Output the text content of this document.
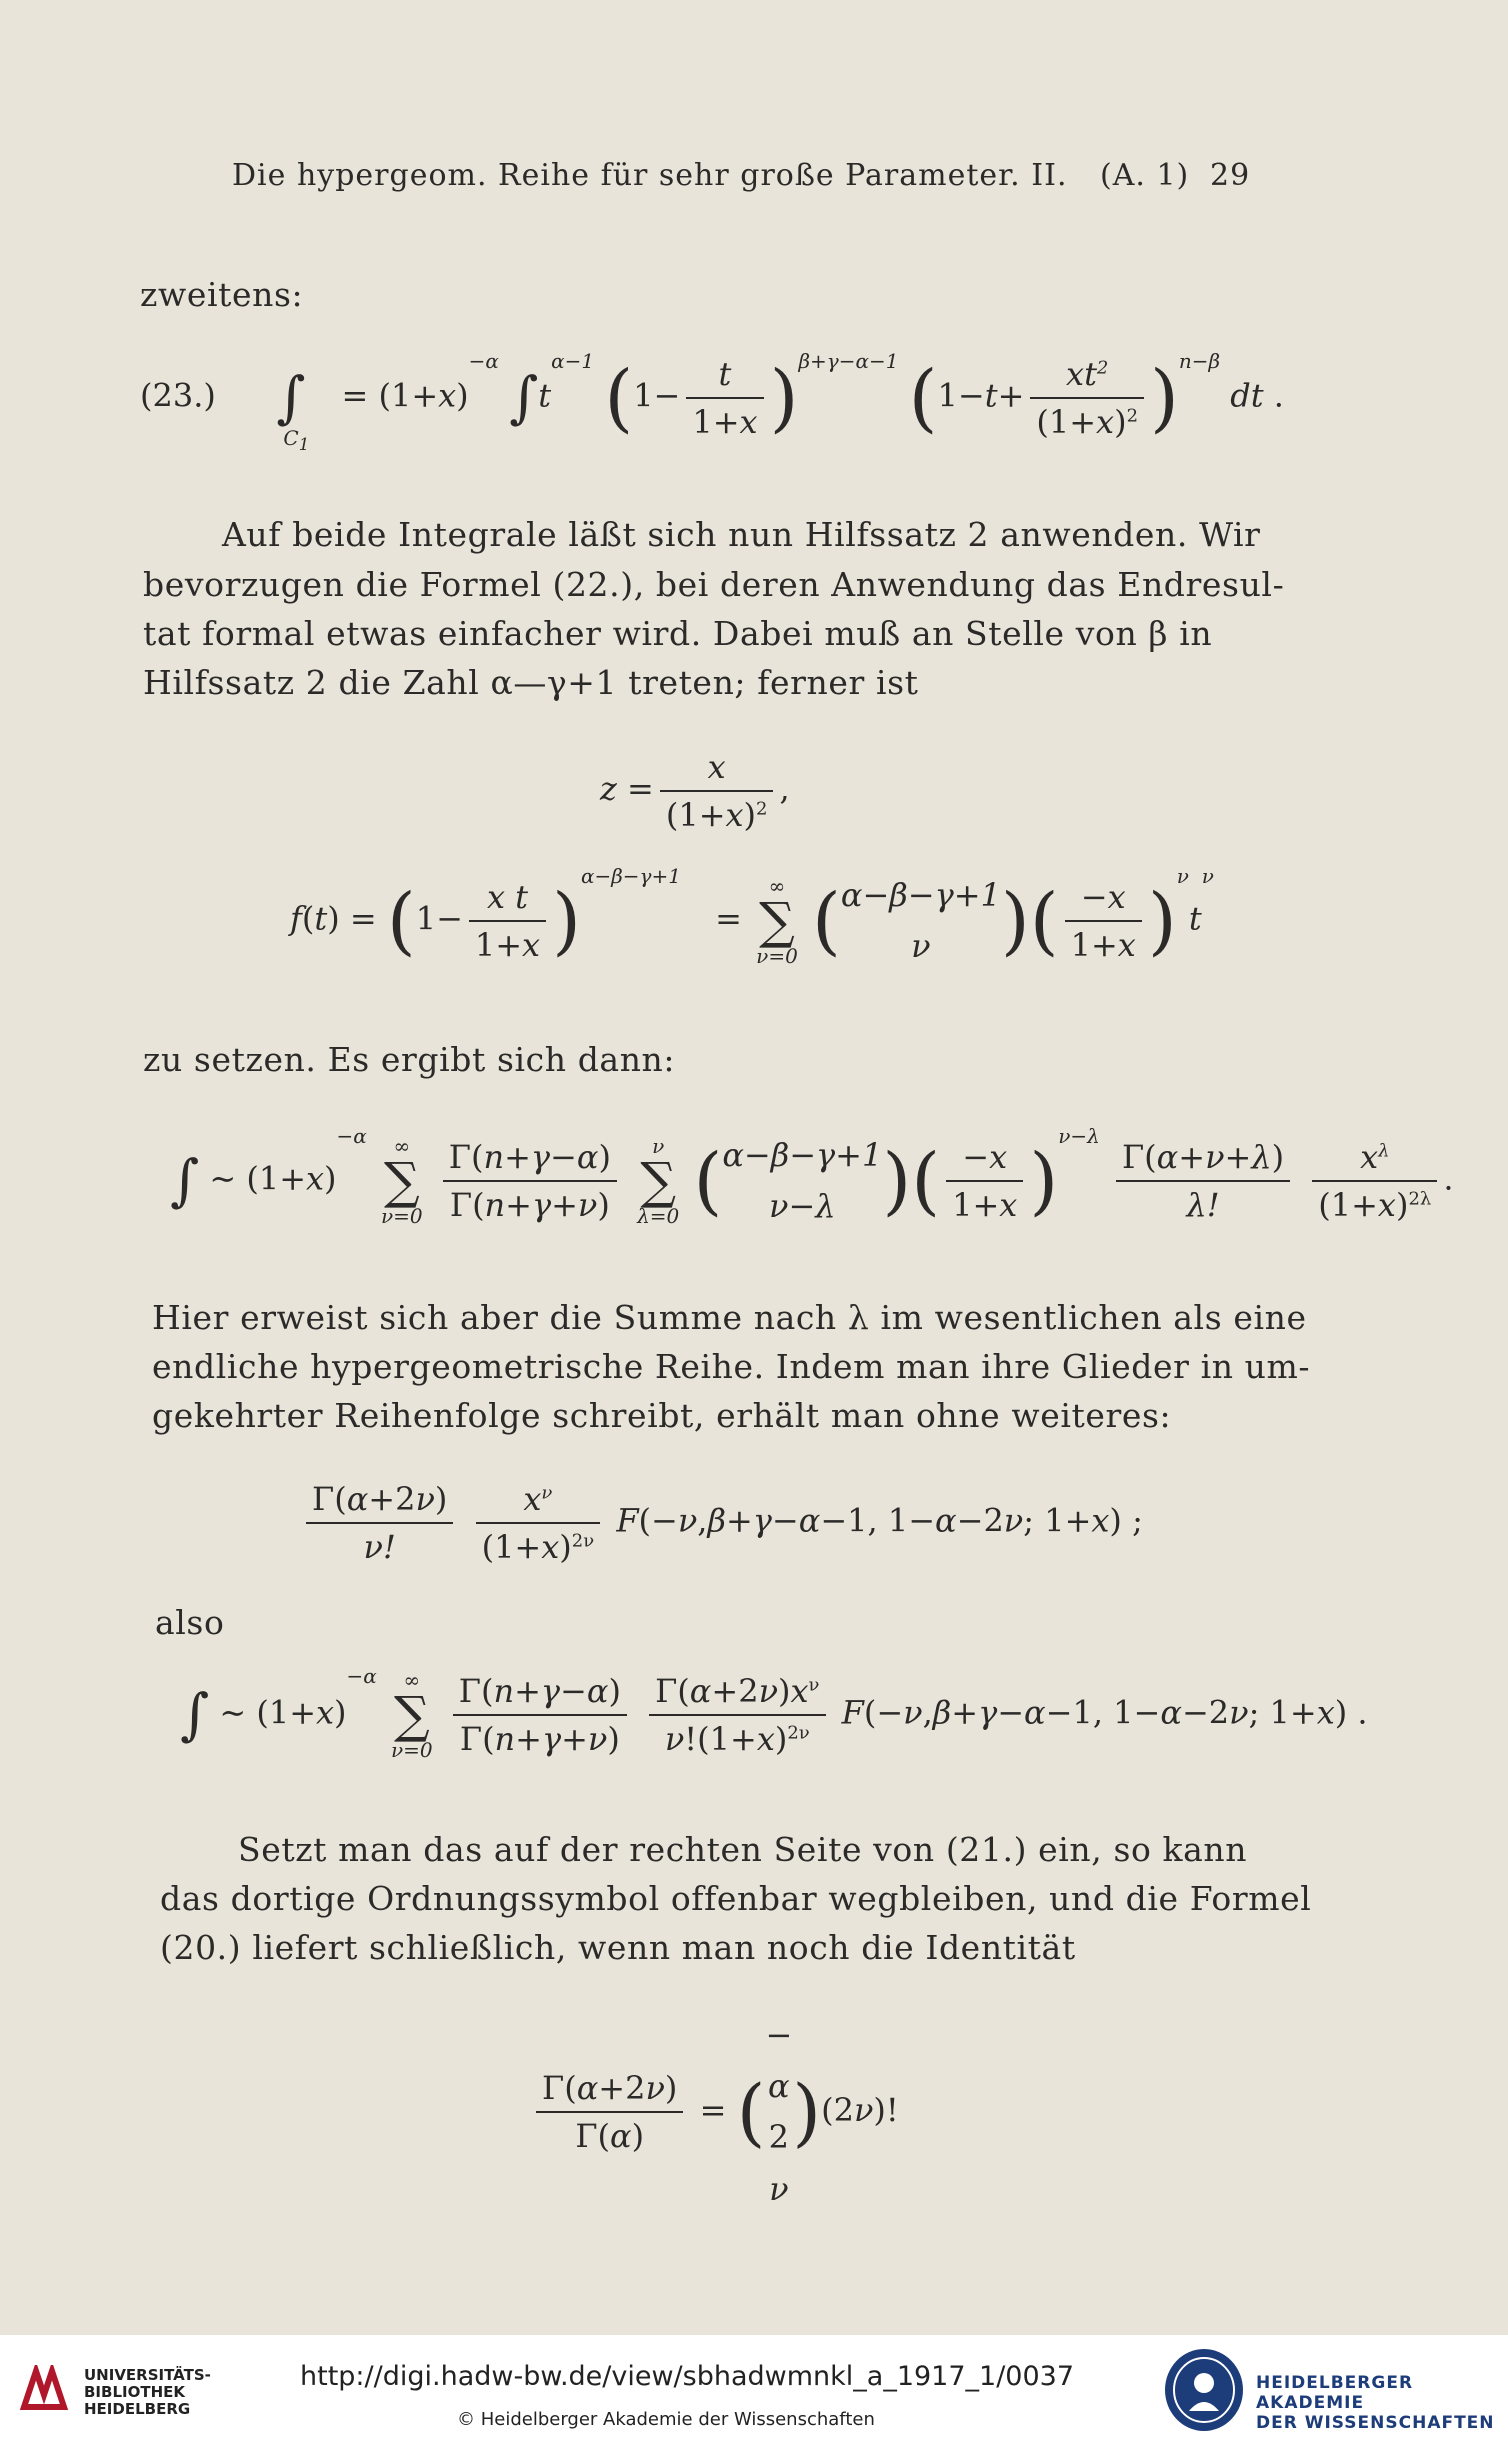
Die hypergeom. Reihe für sehr große Parameter. II. (A. 1) 29
zweitens:
(23.) $\int_{C_1} = (1+x)^{-\alpha}$ $\int t^{\alpha-1}$ $(1- \frac{t}{1+x} )^{\beta+\gamma-\alpha-1}$ $(1-t+ \frac{xt^2}{(1+x)^2} )^{n-\beta}$ dt .
Auf beide Integrale läßt sich nun Hilfssatz 2 anwenden. Wir
bevorzugen die Formel (22.), bei deren Anwendung das Endresul-
tat formal etwas einfacher wird. Dabei muß an Stelle von β in
Hilfssatz 2 die Zahl α—γ+1 treten; ferner ist
$z = \frac{x}{(1+x)^2}$ ,
$f(t) = (1- \frac{\text{x t}}{1+x} )^{\alpha-\beta-\gamma+1}$ =
∞
∑
ν=0 ( α−β−γ+1
ν )( $\frac{-x}{1+x} )^\nu t^\nu$
zu setzen. Es ergibt sich dann:
∫ ∼ $(1+x)^{-\alpha}$	∞
∑
ν=0
$\frac{\Gamma(n+\gamma-\alpha)}{\Gamma(n+\gamma+\nu)}$
	ν
∑
λ=0 ( α−β−γ+1
ν−λ )( $\frac{-x}{1+x} )^{\nu-\lambda}$
$\frac{\Gamma(\alpha+\nu+\lambda)}{\lambda!}$
$\frac{x^\lambda}{(1+x)^{2\lambda}}$ .
Hier erweist sich aber die Summe nach λ im wesentlichen als eine
endliche hypergeometrische Reihe. Indem man ihre Glieder in um-
gekehrter Reihenfolge schreibt, erhält man ohne weiteres:
$\frac{\Gamma(\alpha+2\nu)}{\nu!}$
$\frac{x^\nu}{(1+x)^{2\nu}} F(-\nu,\beta+\gamma-\alpha-1$, 1−α−2ν; 1+x) ;
also
∫ ∼ $(1+x)^{-\alpha}$	∞
∑
ν=0
$\frac{\Gamma(n+\gamma-\alpha)}{\Gamma(n+\gamma+\nu)}$
$\frac{\Gamma(\alpha+2\nu)x^\nu}{\nu!(1+x)^{2\nu}} F(-\nu,\beta+\gamma-\alpha-1$, 1−α−2ν; 1+x) .
Setzt man das auf der rechten Seite von (21.) ein, so kann
das dortige Ordnungssymbol offenbar wegbleiben, und die Formel
(20.) liefert schließlich, wenn man noch die Identität
$\frac{\Gamma(\alpha+2\nu)}{\Gamma(\alpha)}$ = (
−
α
2
ν
)(2ν)!
UNIVERSITÄTS-
BIBLIOTHEK
HEIDELBERG
http://digi.hadw-bw.de/view/sbhadwmnkl_a_1917_1/0037
© Heidelberger Akademie der Wissenschaften
HEIDELBERGER AKADEMIE
DER WISSENSCHAFTEN
